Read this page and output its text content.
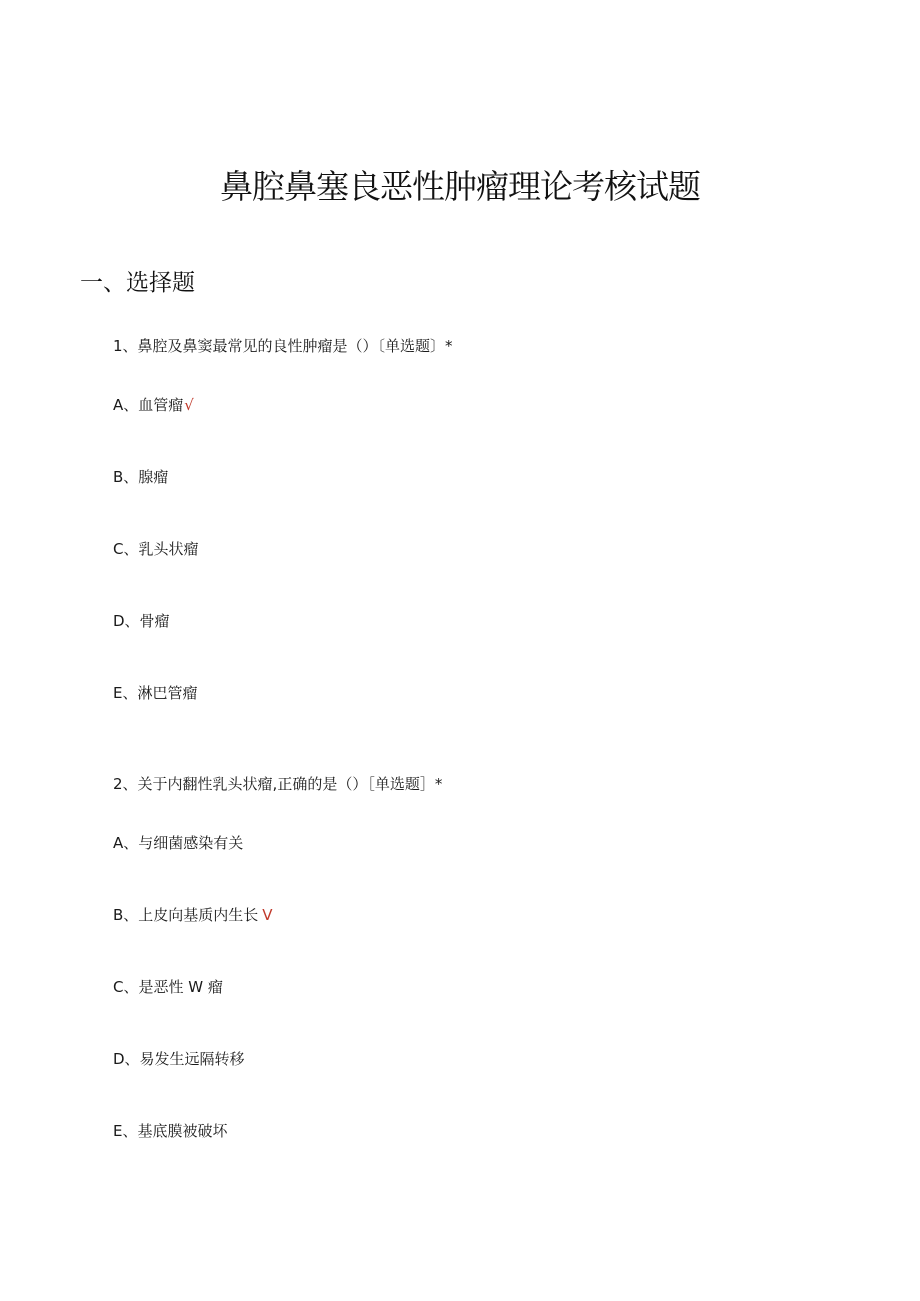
鼻腔鼻塞良恶性肿瘤理论考核试题
一、选择题
1、鼻腔及鼻窦最常见的良性肿瘤是（）〔单选题〕*
A、血管瘤√
B、腺瘤
C、乳头状瘤
D、骨瘤
E、淋巴管瘤
2、关于内翻性乳头状瘤,正确的是（）［单选题］*
A、与细菌感染有关
B、上皮向基质内生长 V
C、是恶性 W 瘤
D、易发生远隔转移
E、基底膜被破坏
